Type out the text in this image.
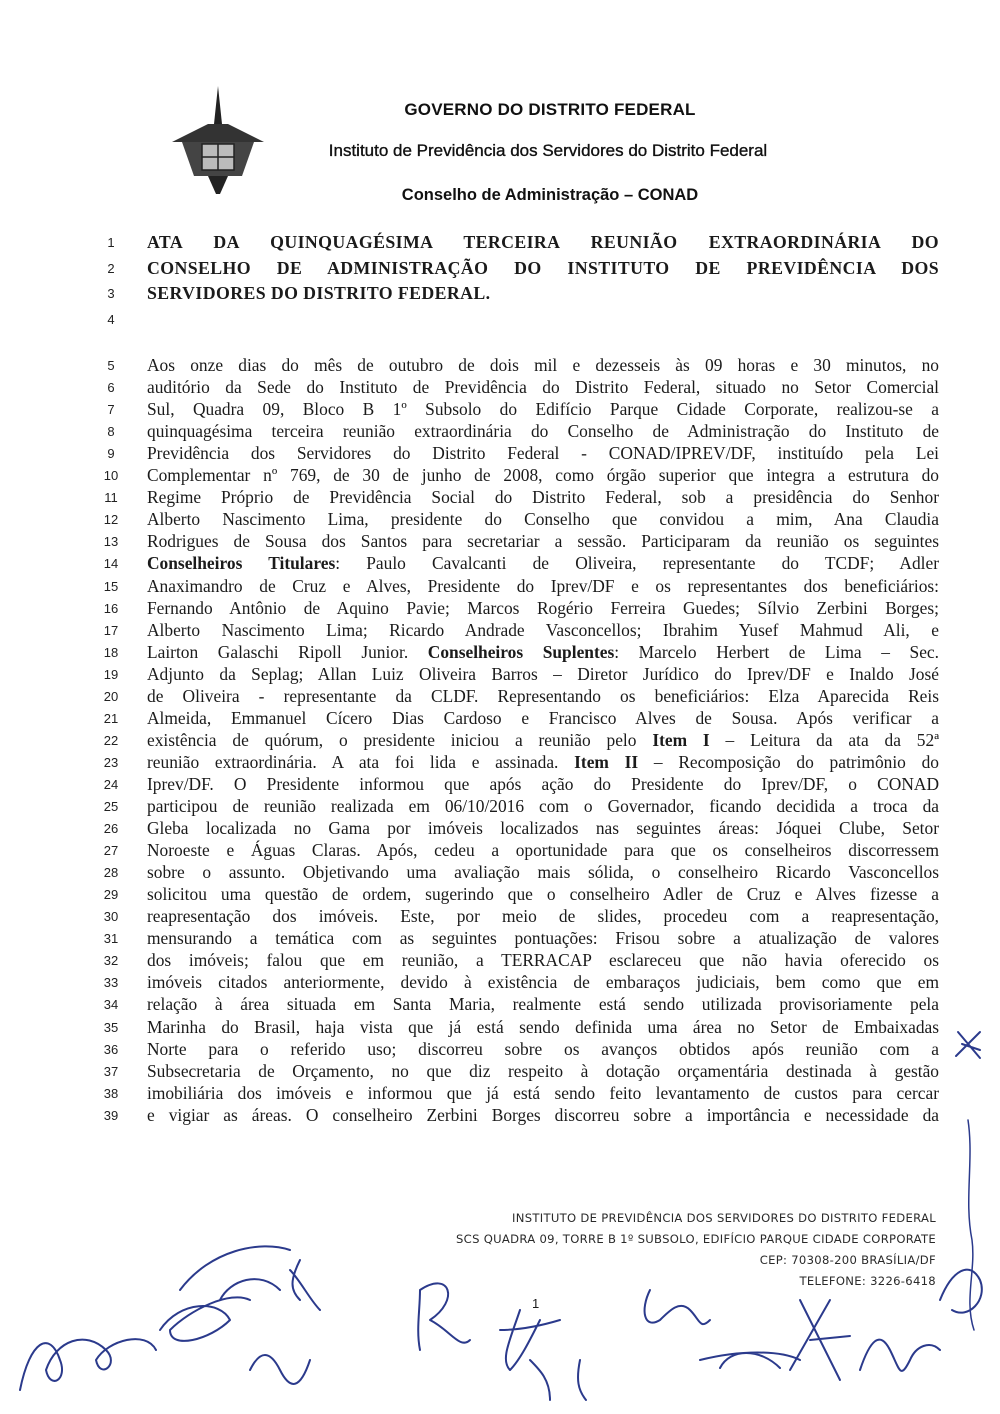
GOVERNO DO DISTRITO FEDERAL
Instituto de Previdência dos Servidores do Distrito Federal
Conselho de Administração – CONAD
1	ATA DA QUINQUAGÉSIMA TERCEIRA REUNIÃO EXTRAORDINÁRIA DO
2	CONSELHO DE ADMINISTRAÇÃO DO INSTITUTO DE PREVIDÊNCIA DOS
3	SERVIDORES DO DISTRITO FEDERAL.
4
5	Aos onze dias do mês de outubro de dois mil e dezesseis às 09 horas e 30 minutos, no
6	auditório da Sede do Instituto de Previdência do Distrito Federal, situado no Setor Comercial
7	Sul, Quadra 09, Bloco B 1º Subsolo do Edifício Parque Cidade Corporate, realizou-se a
8	quinquagésima terceira reunião extraordinária do Conselho de Administração do Instituto de
9	Previdência dos Servidores do Distrito Federal - CONAD/IPREV/DF, instituído pela Lei
10 Complementar nº 769, de 30 de junho de 2008, como órgão superior que integra a estrutura do
11 Regime Próprio de Previdência Social do Distrito Federal, sob a presidência do Senhor
12 Alberto Nascimento Lima, presidente do Conselho que convidou a mim, Ana Claudia
13 Rodrigues de Sousa dos Santos para secretariar a sessão. Participaram da reunião os seguintes
14 Conselheiros Titulares: Paulo Cavalcanti de Oliveira, representante do TCDF; Adler
15 Anaximandro de Cruz e Alves, Presidente do Iprev/DF e os representantes dos beneficiários:
16 Fernando Antônio de Aquino Pavie; Marcos Rogério Ferreira Guedes; Sílvio Zerbini Borges;
17 Alberto Nascimento Lima; Ricardo Andrade Vasconcellos; Ibrahim Yusef Mahmud Ali, e
18 Lairton Galaschi Ripoll Junior. Conselheiros Suplentes: Marcelo Herbert de Lima – Sec.
19 Adjunto da Seplag; Allan Luiz Oliveira Barros – Diretor Jurídico do Iprev/DF e Inaldo José
20 de Oliveira - representante da CLDF. Representando os beneficiários: Elza Aparecida Reis
21 Almeida, Emmanuel Cícero Dias Cardoso e Francisco Alves de Sousa. Após verificar a
22 existência de quórum, o presidente iniciou a reunião pelo Item I – Leitura da ata da 52ª
23 reunião extraordinária. A ata foi lida e assinada. Item II – Recomposição do patrimônio do
24 Iprev/DF. O Presidente informou que após ação do Presidente do Iprev/DF, o CONAD
25 participou de reunião realizada em 06/10/2016 com o Governador, ficando decidida a troca da
26 Gleba localizada no Gama por imóveis localizados nas seguintes áreas: Jóquei Clube, Setor
27 Noroeste e Águas Claras. Após, cedeu a oportunidade para que os conselheiros discorressem
28 sobre o assunto. Objetivando uma avaliação mais sólida, o conselheiro Ricardo Vasconcellos
29 solicitou uma questão de ordem, sugerindo que o conselheiro Adler de Cruz e Alves fizesse a
30 reapresentação dos imóveis. Este, por meio de slides, procedeu com a reapresentação,
31 mensurando a temática com as seguintes pontuações: Frisou sobre a atualização de valores
32 dos imóveis; falou que em reunião, a TERRACAP esclareceu que não havia oferecido os
33 imóveis citados anteriormente, devido à existência de embaraços judiciais, bem como que em
34 relação à área situada em Santa Maria, realmente está sendo utilizada provisoriamente pela
35 Marinha do Brasil, haja vista que já está sendo definida uma área no Setor de Embaixadas
36 Norte para o referido uso; discorreu sobre os avanços obtidos após reunião com a
37 Subsecretaria de Orçamento, no que diz respeito à dotação orçamentária destinada à gestão
38 imobiliária dos imóveis e informou que já está sendo feito levantamento de custos para cercar
39 e vigiar as áreas. O conselheiro Zerbini Borges discorreu sobre a importância e necessidade da
INSTITUTO DE PREVIDÊNCIA DOS SERVIDORES DO DISTRITO FEDERAL
SCS QUADRA 09, TORRE B 1º SUBSOLO, EDIFÍCIO PARQUE CIDADE CORPORATE
CEP: 70308-200 BRASÍLIA/DF
TELEFONE: 3226-6418
1
